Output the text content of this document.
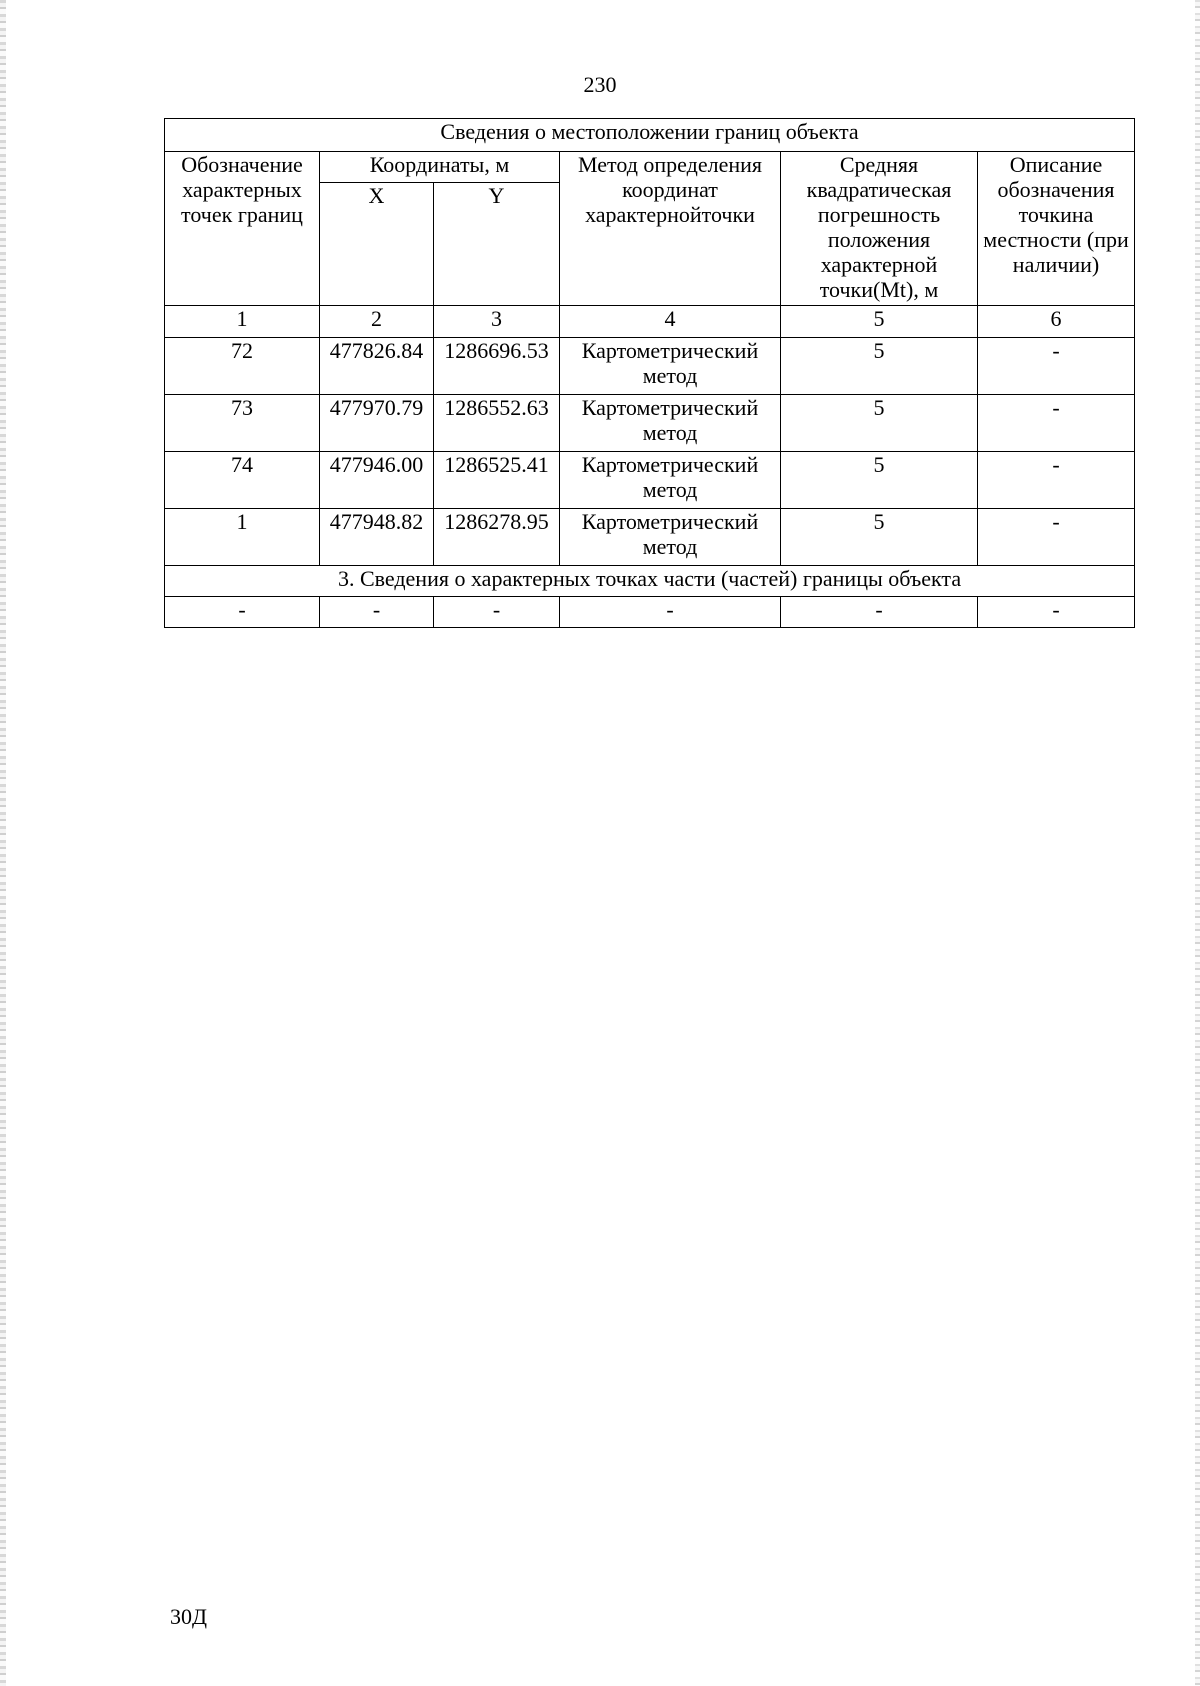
230
Сведения о местоположении границ объекта					
Обозначение характерных точек границ	Координаты, м		Метод определения координат характернойточки	Средняя квадратическая погрешность положения характерной точки(Mt), м	Описание обозначения точкина местности (при наличии)
	X	Y			
1	2	3	4	5	6
72	477826.84	1286696.53	Картометрический метод	5	-
73	477970.79	1286552.63	Картометрический метод	5	-
74	477946.00	1286525.41	Картометрический метод	5	-
1	477948.82	1286278.95	Картометрический метод	5	-
3. Сведения о характерных точках части (частей) границы объекта					
-	-	-	-	-	-
30Д
